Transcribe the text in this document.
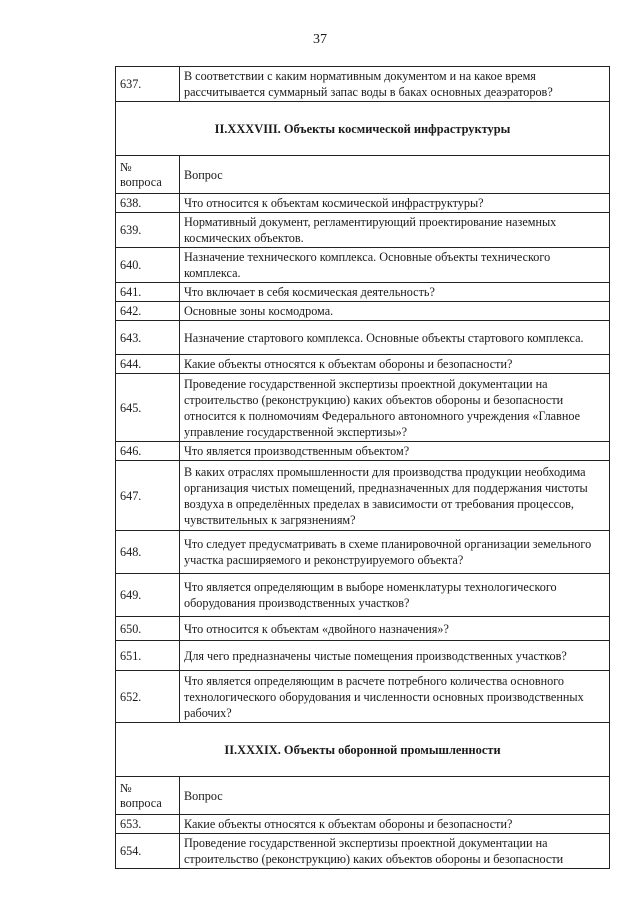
37
637.	В соответствии с каким нормативным документом и на какое время рассчитывается суммарный запас воды в баках основных деаэраторов?
II.XXXVIII. Объекты космической инфраструктуры	
№
вопроса	Вопрос
638.	Что относится к объектам космической инфраструктуры?
639.	Нормативный документ, регламентирующий проектирование наземных космических объектов.
640.	Назначение технического комплекса. Основные объекты технического комплекса.
641.	Что включает в себя космическая деятельность?
642.	Основные зоны космодрома.
643.	Назначение стартового комплекса. Основные объекты стартового комплекса.
644.	Какие объекты относятся к объектам обороны и безопасности?
645.	Проведение государственной экспертизы проектной документации на строительство (реконструкцию) каких объектов обороны и безопасности относится к полномочиям Федерального автономного учреждения «Главное управление государственной экспертизы»?
646.	Что является производственным объектом?
647.	В каких отраслях промышленности для производства продукции необходима организация чистых помещений, предназначенных для поддержания чистоты воздуха в определённых пределах в зависимости от требования процессов, чувствительных к загрязнениям?
648.	Что следует предусматривать в схеме планировочной организации земельного участка расширяемого и реконструируемого объекта?
649.	Что является определяющим в выборе номенклатуры технологического оборудования производственных участков?
650.	Что относится к объектам «двойного назначения»?
651.	Для чего предназначены чистые помещения производственных участков?
652.	Что является определяющим в расчете потребного количества основного технологического оборудования и численности основных производственных рабочих?
II.XXXIX. Объекты оборонной промышленности	
№
вопроса	Вопрос
653.	Какие объекты относятся к объектам обороны и безопасности?
654.	Проведение государственной экспертизы проектной документации на строительство (реконструкцию) каких объектов обороны и безопасности
